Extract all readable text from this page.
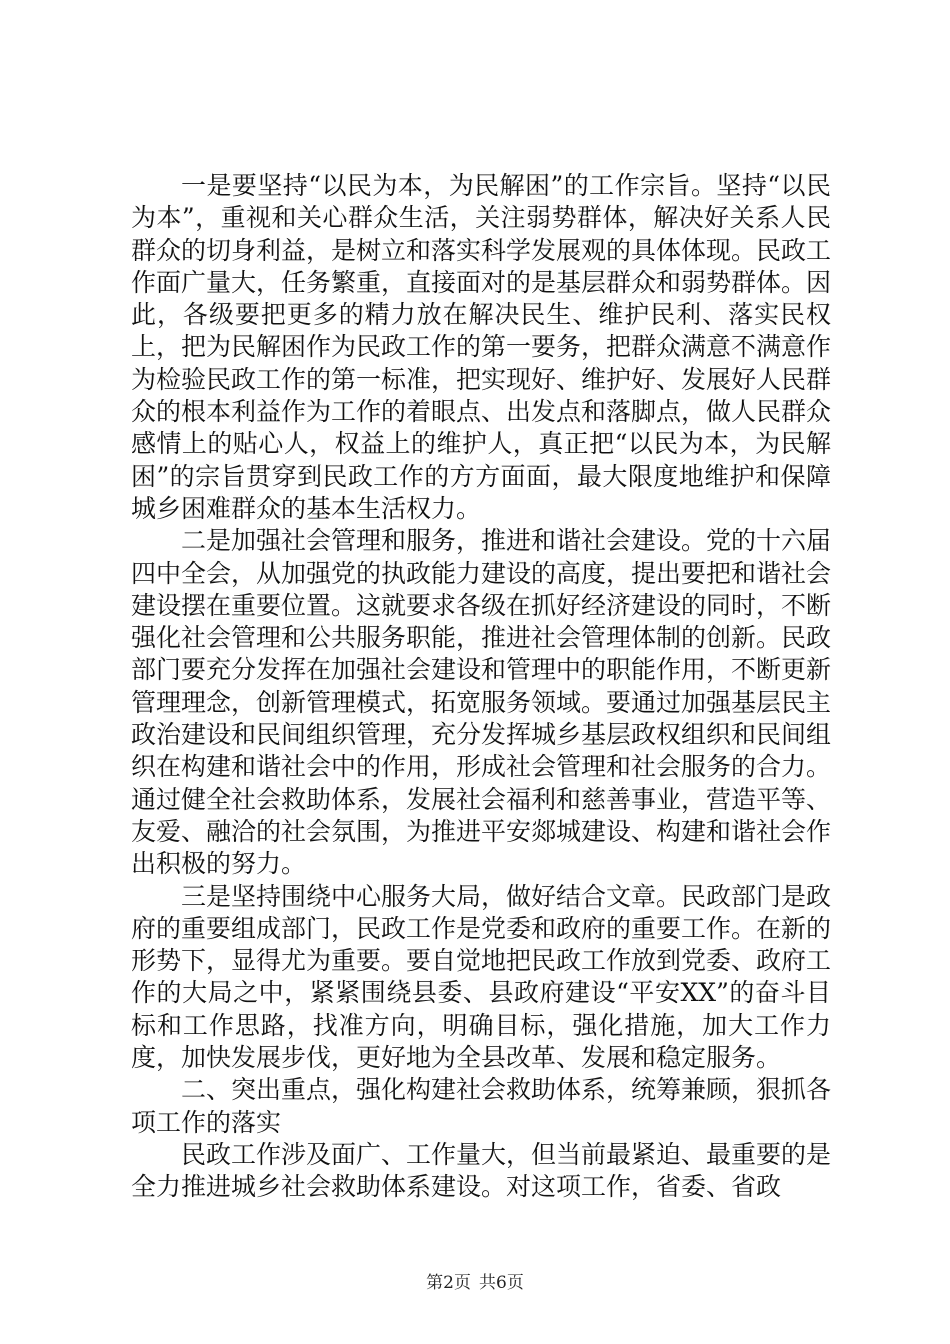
一是要坚持“以民为本，为民解困”的工作宗旨。坚持“以民为本”，重视和关心群众生活，关注弱势群体，解决好关系人民群众的切身利益，是树立和落实科学发展观的具体体现。民政工作面广量大，任务繁重，直接面对的是基层群众和弱势群体。因此，各级要把更多的精力放在解决民生、维护民利、落实民权上，把为民解困作为民政工作的第一要务，把群众满意不满意作为检验民政工作的第一标准，把实现好、维护好、发展好人民群众的根本利益作为工作的着眼点、出发点和落脚点，做人民群众感情上的贴心人，权益上的维护人，真正把“以民为本，为民解困”的宗旨贯穿到民政工作的方方面面，最大限度地维护和保障城乡困难群众的基本生活权力。

二是加强社会管理和服务，推进和谐社会建设。党的十六届四中全会，从加强党的执政能力建设的高度，提出要把和谐社会建设摆在重要位置。这就要求各级在抓好经济建设的同时，不断强化社会管理和公共服务职能，推进社会管理体制的创新。民政部门要充分发挥在加强社会建设和管理中的职能作用，不断更新管理理念，创新管理模式，拓宽服务领域。要通过加强基层民主政治建设和民间组织管理，充分发挥城乡基层政权组织和民间组织在构建和谐社会中的作用，形成社会管理和社会服务的合力。通过健全社会救助体系，发展社会福利和慈善事业，营造平等、友爱、融洽的社会氛围，为推进平安郯城建设、构建和谐社会作出积极的努力。

三是坚持围绕中心服务大局，做好结合文章。民政部门是政府的重要组成部门，民政工作是党委和政府的重要工作。在新的形势下，显得尤为重要。要自觉地把民政工作放到党委、政府工作的大局之中，紧紧围绕县委、县政府建设“平安XX”的奋斗目标和工作思路，找准方向，明确目标，强化措施，加大工作力度，加快发展步伐，更好地为全县改革、发展和稳定服务。

二、突出重点，强化构建社会救助体系，统筹兼顾，狠抓各项工作的落实

民政工作涉及面广、工作量大，但当前最紧迫、最重要的是全力推进城乡社会救助体系建设。对这项工作，省委、省政

第2页 共6页
